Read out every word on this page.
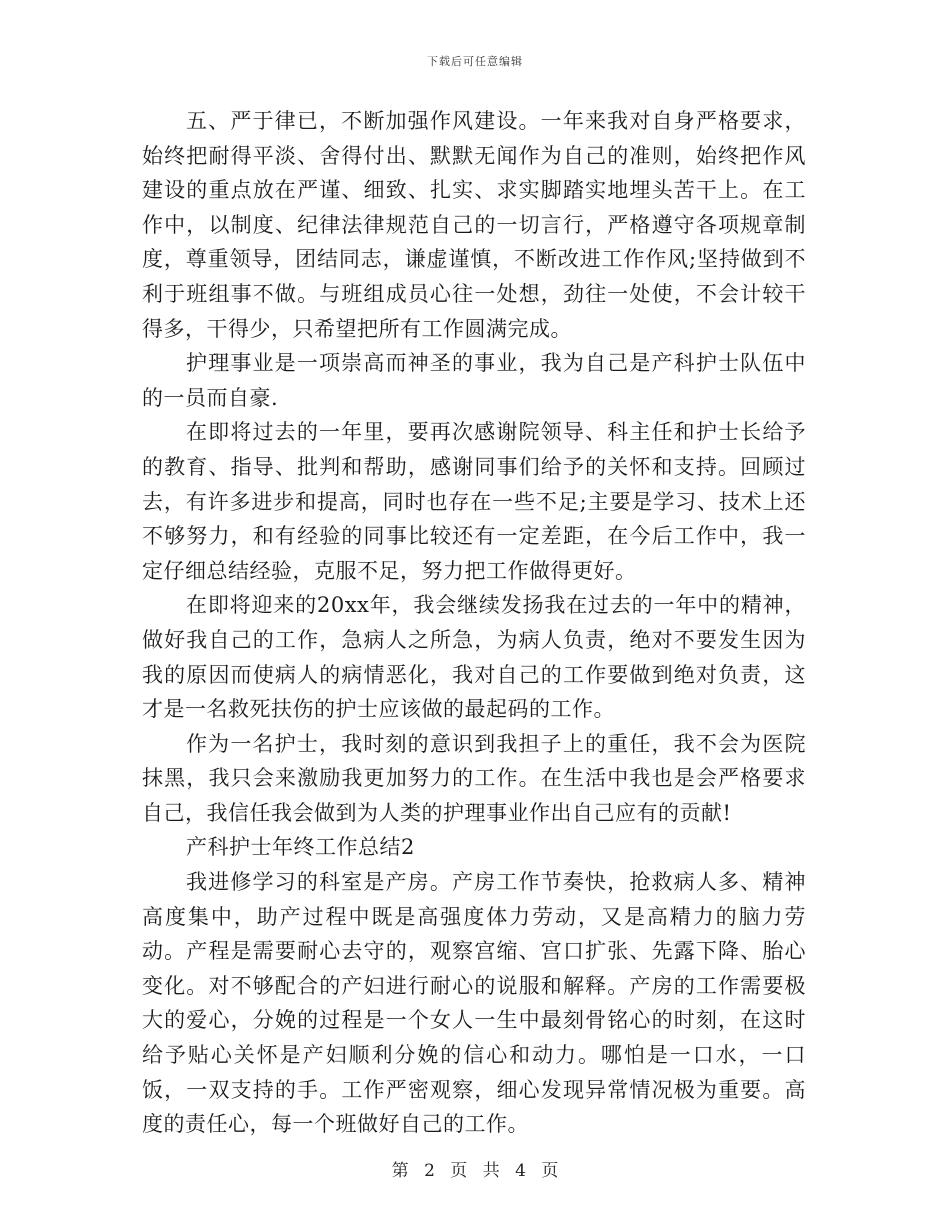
下载后可任意编辑

五、严于律已，不断加强作风建设。一年来我对自身严格要求，始终把耐得平淡、舍得付出、默默无闻作为自己的准则，始终把作风建设的重点放在严谨、细致、扎实、求实脚踏实地埋头苦干上。在工作中，以制度、纪律法律规范自己的一切言行，严格遵守各项规章制度，尊重领导，团结同志，谦虚谨慎，不断改进工作作风;坚持做到不利于班组事不做。与班组成员心往一处想，劲往一处使，不会计较干得多，干得少，只希望把所有工作圆满完成。

护理事业是一项崇高而神圣的事业，我为自己是产科护士队伍中的一员而自豪.

在即将过去的一年里，要再次感谢院领导、科主任和护士长给予的教育、指导、批判和帮助，感谢同事们给予的关怀和支持。回顾过去，有许多进步和提高，同时也存在一些不足;主要是学习、技术上还不够努力，和有经验的同事比较还有一定差距，在今后工作中，我一定仔细总结经验，克服不足，努力把工作做得更好。

在即将迎来的20xx年，我会继续发扬我在过去的一年中的精神，做好我自己的工作，急病人之所急，为病人负责，绝对不要发生因为我的原因而使病人的病情恶化，我对自己的工作要做到绝对负责，这才是一名救死扶伤的护士应该做的最起码的工作。

作为一名护士，我时刻的意识到我担子上的重任，我不会为医院抹黑，我只会来激励我更加努力的工作。在生活中我也是会严格要求自己，我信任我会做到为人类的护理事业作出自己应有的贡献!

产科护士年终工作总结2

我进修学习的科室是产房。产房工作节奏快，抢救病人多、精神高度集中，助产过程中既是高强度体力劳动，又是高精力的脑力劳动。产程是需要耐心去守的，观察宫缩、宫口扩张、先露下降、胎心变化。对不够配合的产妇进行耐心的说服和解释。产房的工作需要极大的爱心，分娩的过程是一个女人一生中最刻骨铭心的时刻，在这时给予贴心关怀是产妇顺利分娩的信心和动力。哪怕是一口水，一口饭，一双支持的手。工作严密观察，细心发现异常情况极为重要。高度的责任心，每一个班做好自己的工作。

第 2 页 共 4 页
